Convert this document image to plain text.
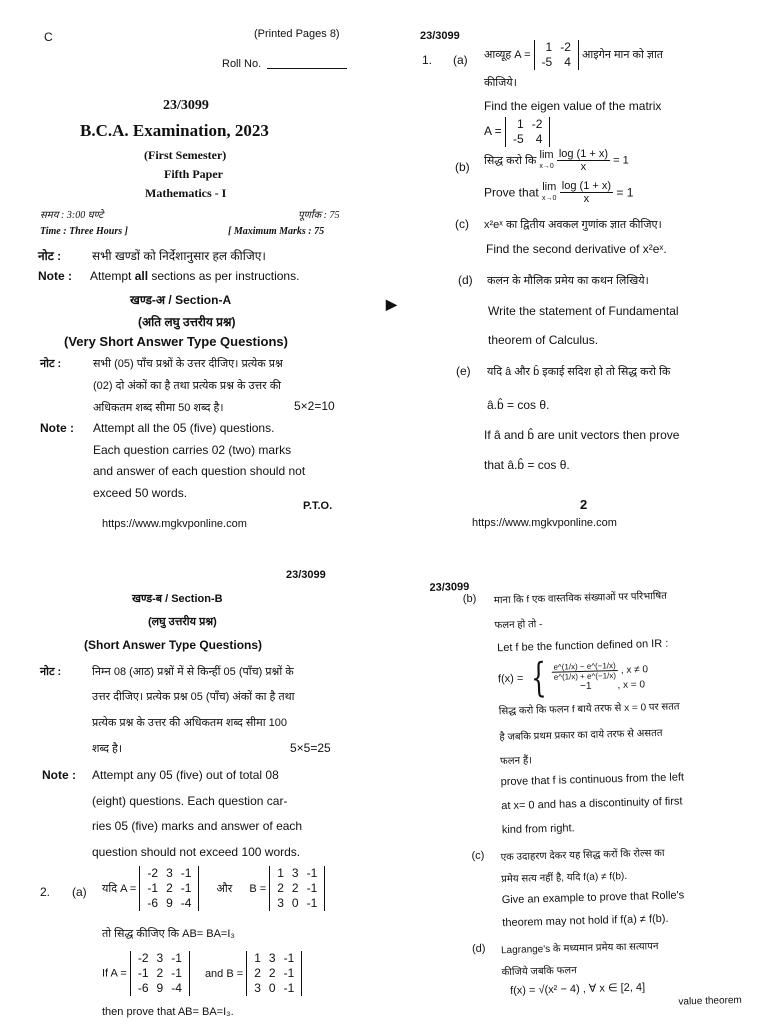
C	(Printed Pages 8)
Roll No.
23/3099
B.C.A. Examination, 2023
(First Semester)
Fifth Paper
Mathematics - I
समय : 3:00 घण्टे	पूर्णांक : 75
Time : Three Hours ]	[ Maximum Marks : 75
नोट :	सभी खण्डों को निर्देशानुसार हल कीजिए।
Note : Attempt all sections as per instructions.
खण्ड-अ / Section-A
(अति लघु उत्तरीय प्रश्न)
(Very Short Answer Type Questions)
नोट :	सभी (05) पाँच प्रश्नों के उत्तर दीजिए। प्रत्येक प्रश्न
(02) दो अंकों का है तथा प्रत्येक प्रश्न के उत्तर की
अधिकतम शब्द सीमा 50 शब्द है।	5×2=10
Note : Attempt all the 05 (five) questions.
Each question carries 02 (two) marks
and answer of each question should not
exceed 50 words.
P.T.O.
https://www.mgkvponline.com
23/3099
1. (a) आव्यूह A =
1	-2
-5	4
आइगेन मान को ज्ञात
कीजिये।
Find the eigen value of the matrix
A =
1	-2
-5	4
(b) सिद्ध करो कि
lim
x→0
$\frac{\log (1 + x)}{x} = 1$
Prove that lim
x→0
$\frac{\log (1 + x)}{x} = 1$
(c) x²eˣ का द्वितीय अवकल गुणांक ज्ञात कीजिए।
Find the second derivative of x²eˣ.
(d) कलन के मौलिक प्रमेय का कथन लिखिये।
Write the statement of Fundamental
theorem of Calculus.
(e) यदि â और b̂ इकाई सदिश हो तो सिद्ध करो कि
â.b̂ = cos θ.
If â and b̂ are unit vectors then prove
that â.b̂ = cos θ.
2
https://www.mgkvponline.com
▶
23/3099
खण्ड-ब / Section-B
(लघु उत्तरीय प्रश्न)
(Short Answer Type Questions)
नोट :	निम्न 08 (आठ) प्रश्नों में से किन्हीं 05 (पाँच) प्रश्नों के
उत्तर दीजिए। प्रत्येक प्रश्न 05 (पाँच) अंकों का है तथा
प्रत्येक प्रश्न के उत्तर की अधिकतम शब्द सीमा 100
शब्द है।	5×5=25
Note : Attempt any 05 (five) out of total 08
(eight) questions. Each question car-
ries 05 (five) marks and answer of each
question should not exceed 100 words.
2. (a) यदि A =
-2	3	-1
-1	2	-1
-6	9	-4
और B =
1	3	-1
2	2	-1
3	0	-1
तो सिद्ध कीजिए कि AB= BA=I₃
If A =
-2	3	-1
-1	2	-1
-6	9	-4
and B =
1	3	-1
2	2	-1
3	0	-1
then prove that AB= BA=I₃.
23/3099
(b) माना कि f एक वास्तविक संख्याओं पर परिभाषित
फलन हो तो -
Let f be the function defined on IR :
f(x) = { $\frac{e\^{}(1/x) - e\^{}(-1/x)}{e\^{}(1/x) + e\^{}(-1/x)}$ , x ≠ 0
−1	, x = 0
सिद्ध करो कि फलन f बाये तरफ से x = 0 पर सतत
है जबकि प्रथम प्रकार का दाये तरफ से असतत
फलन हैं।
prove that f is continuous from the left
at x= 0 and has a discontinuity of first
kind from right.
(c) एक उदाहरण देकर यह सिद्ध करों कि रोल्स का
प्रमेय सत्य नहीं है, यदि f(a) ≠ f(b).
Give an example to prove that Rolle's
theorem may not hold if f(a) ≠ f(b).
(d) Lagrange's के मध्यमान प्रमेय का सत्यापन
कीजिये जबकि फलन
f(x) = √(x² − 4) , ∀ x ∈ [2, 4]
value theorem
